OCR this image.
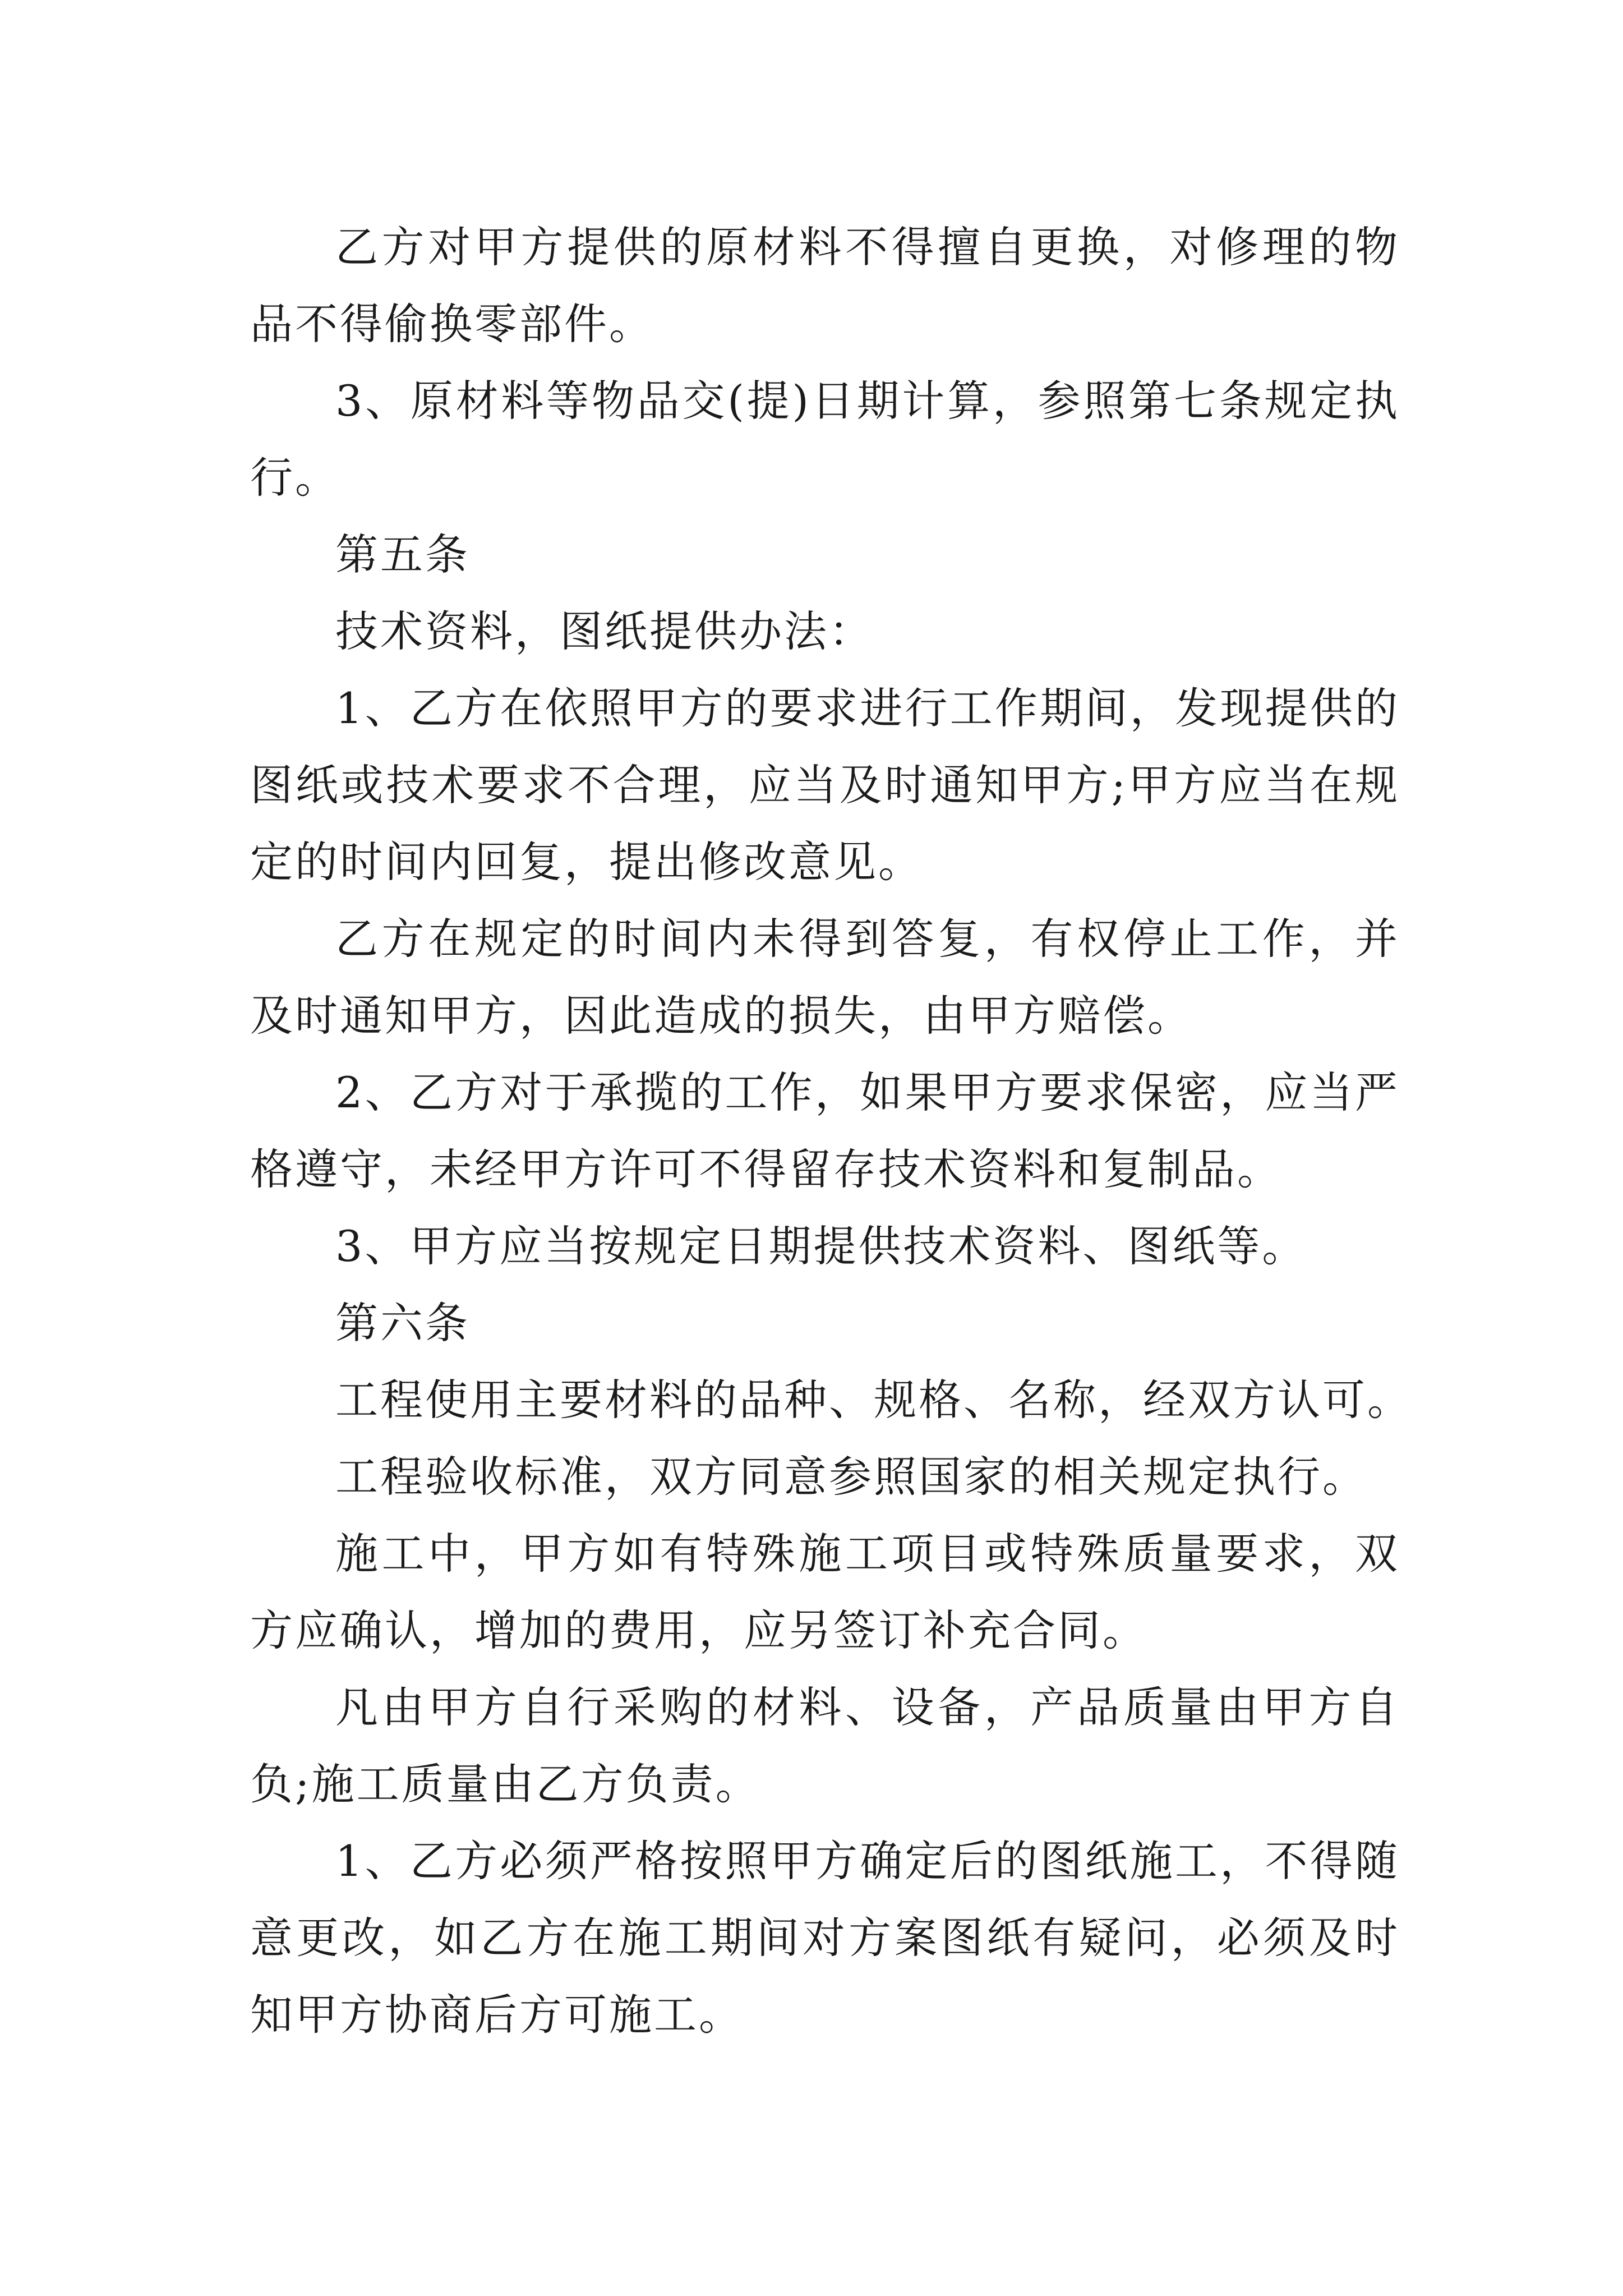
乙方对甲方提供的原材料不得擅自更换，对修理的物品不得偷换零部件。

3、原材料等物品交(提)日期计算，参照第七条规定执行。

第五条

技术资料，图纸提供办法：

1、乙方在依照甲方的要求进行工作期间，发现提供的图纸或技术要求不合理，应当及时通知甲方;甲方应当在规定的时间内回复，提出修改意见。

乙方在规定的时间内未得到答复，有权停止工作，并及时通知甲方，因此造成的损失，由甲方赔偿。

2、乙方对于承揽的工作，如果甲方要求保密，应当严格遵守，未经甲方许可不得留存技术资料和复制品。

3、甲方应当按规定日期提供技术资料、图纸等。

第六条

工程使用主要材料的品种、规格、名称，经双方认可。

工程验收标准，双方同意参照国家的相关规定执行。

施工中，甲方如有特殊施工项目或特殊质量要求，双方应确认，增加的费用，应另签订补充合同。

凡由甲方自行采购的材料、设备，产品质量由甲方自负;施工质量由乙方负责。

1、乙方必须严格按照甲方确定后的图纸施工，不得随意更改，如乙方在施工期间对方案图纸有疑问，必须及时知甲方协商后方可施工。
